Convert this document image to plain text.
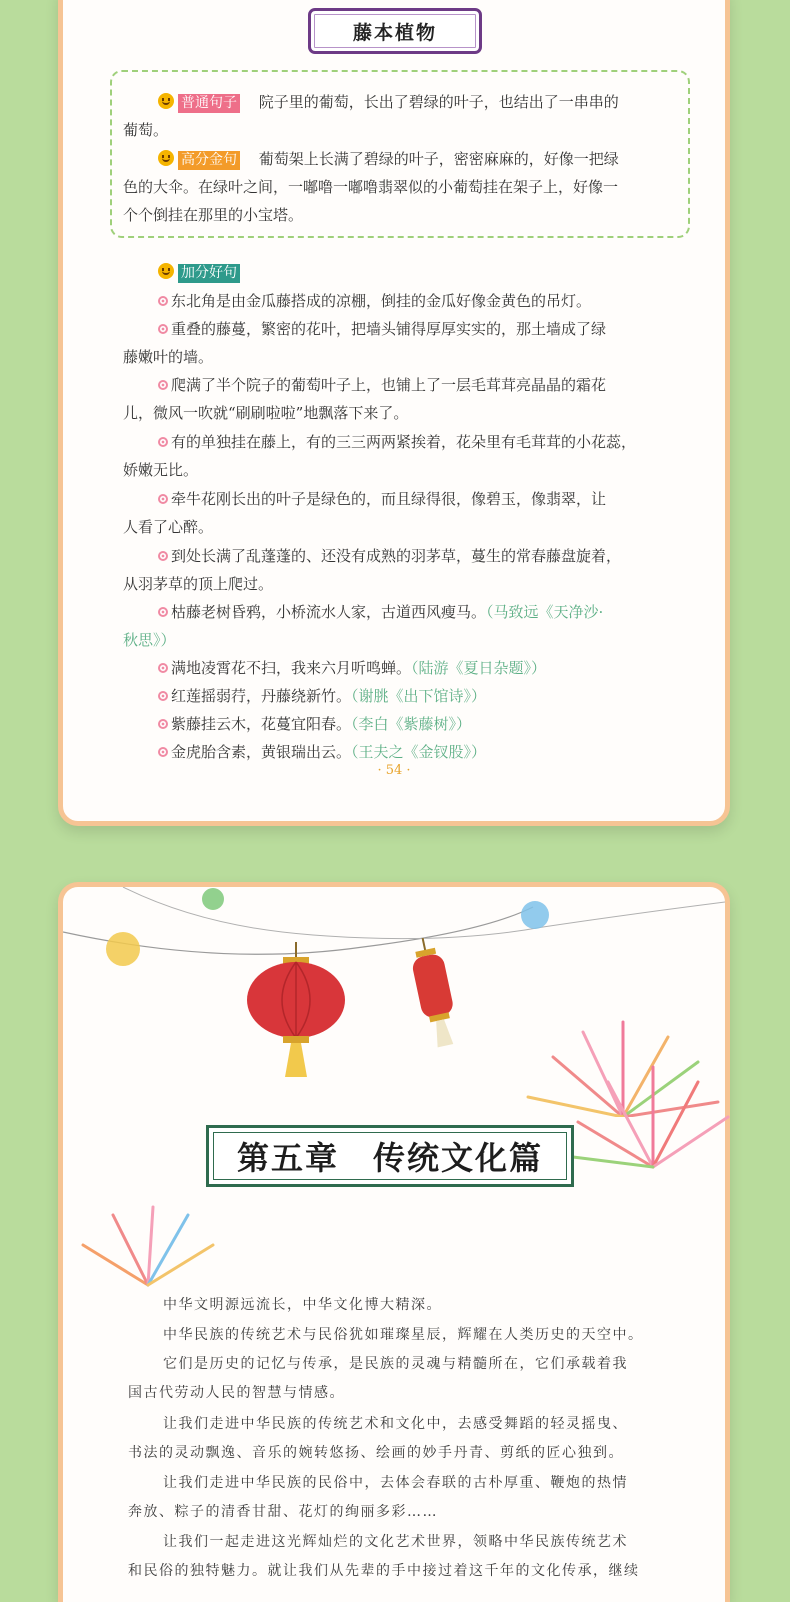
藤本植物
普通句子 院子里的葡萄，长出了碧绿的叶子，也结出了一串串的
葡萄。
高分金句 葡萄架上长满了碧绿的叶子，密密麻麻的，好像一把绿
色的大伞。在绿叶之间，一嘟噜一嘟噜翡翠似的小葡萄挂在架子上，好像一
个个倒挂在那里的小宝塔。
加分好句
东北角是由金瓜藤搭成的凉棚，倒挂的金瓜好像金黄色的吊灯。
重叠的藤蔓，繁密的花叶，把墙头铺得厚厚实实的，那土墙成了绿
藤嫩叶的墙。
爬满了半个院子的葡萄叶子上，也铺上了一层毛茸茸亮晶晶的霜花
儿，微风一吹就“刷刷啦啦”地飘落下来了。
有的单独挂在藤上，有的三三两两紧挨着，花朵里有毛茸茸的小花蕊，
娇嫩无比。
牵牛花刚长出的叶子是绿色的，而且绿得很，像碧玉，像翡翠，让
人看了心醉。
到处长满了乱蓬蓬的、还没有成熟的羽茅草，蔓生的常春藤盘旋着，
从羽茅草的顶上爬过。
枯藤老树昏鸦，小桥流水人家，古道西风瘦马。（马致远《天净沙·
秋思》）
满地凌霄花不扫，我来六月听鸣蝉。（陆游《夏日杂题》）
红莲摇弱荇，丹藤绕新竹。（谢朓《出下馆诗》）
紫藤挂云木，花蔓宜阳春。（李白《紫藤树》）
金虎胎含素，黄银瑞出云。（王夫之《金钗股》）
· 54 ·
第五章　传统文化篇
中华文明源远流长，中华文化博大精深。
中华民族的传统艺术与民俗犹如璀璨星辰，辉耀在人类历史的天空中。
它们是历史的记忆与传承，是民族的灵魂与精髓所在，它们承载着我
国古代劳动人民的智慧与情感。
让我们走进中华民族的传统艺术和文化中，去感受舞蹈的轻灵摇曳、
书法的灵动飘逸、音乐的婉转悠扬、绘画的妙手丹青、剪纸的匠心独到。
让我们走进中华民族的民俗中，去体会春联的古朴厚重、鞭炮的热情
奔放、粽子的清香甘甜、花灯的绚丽多彩……
让我们一起走进这光辉灿烂的文化艺术世界，领略中华民族传统艺术
和民俗的独特魅力。就让我们从先辈的手中接过着这千年的文化传承，继续
